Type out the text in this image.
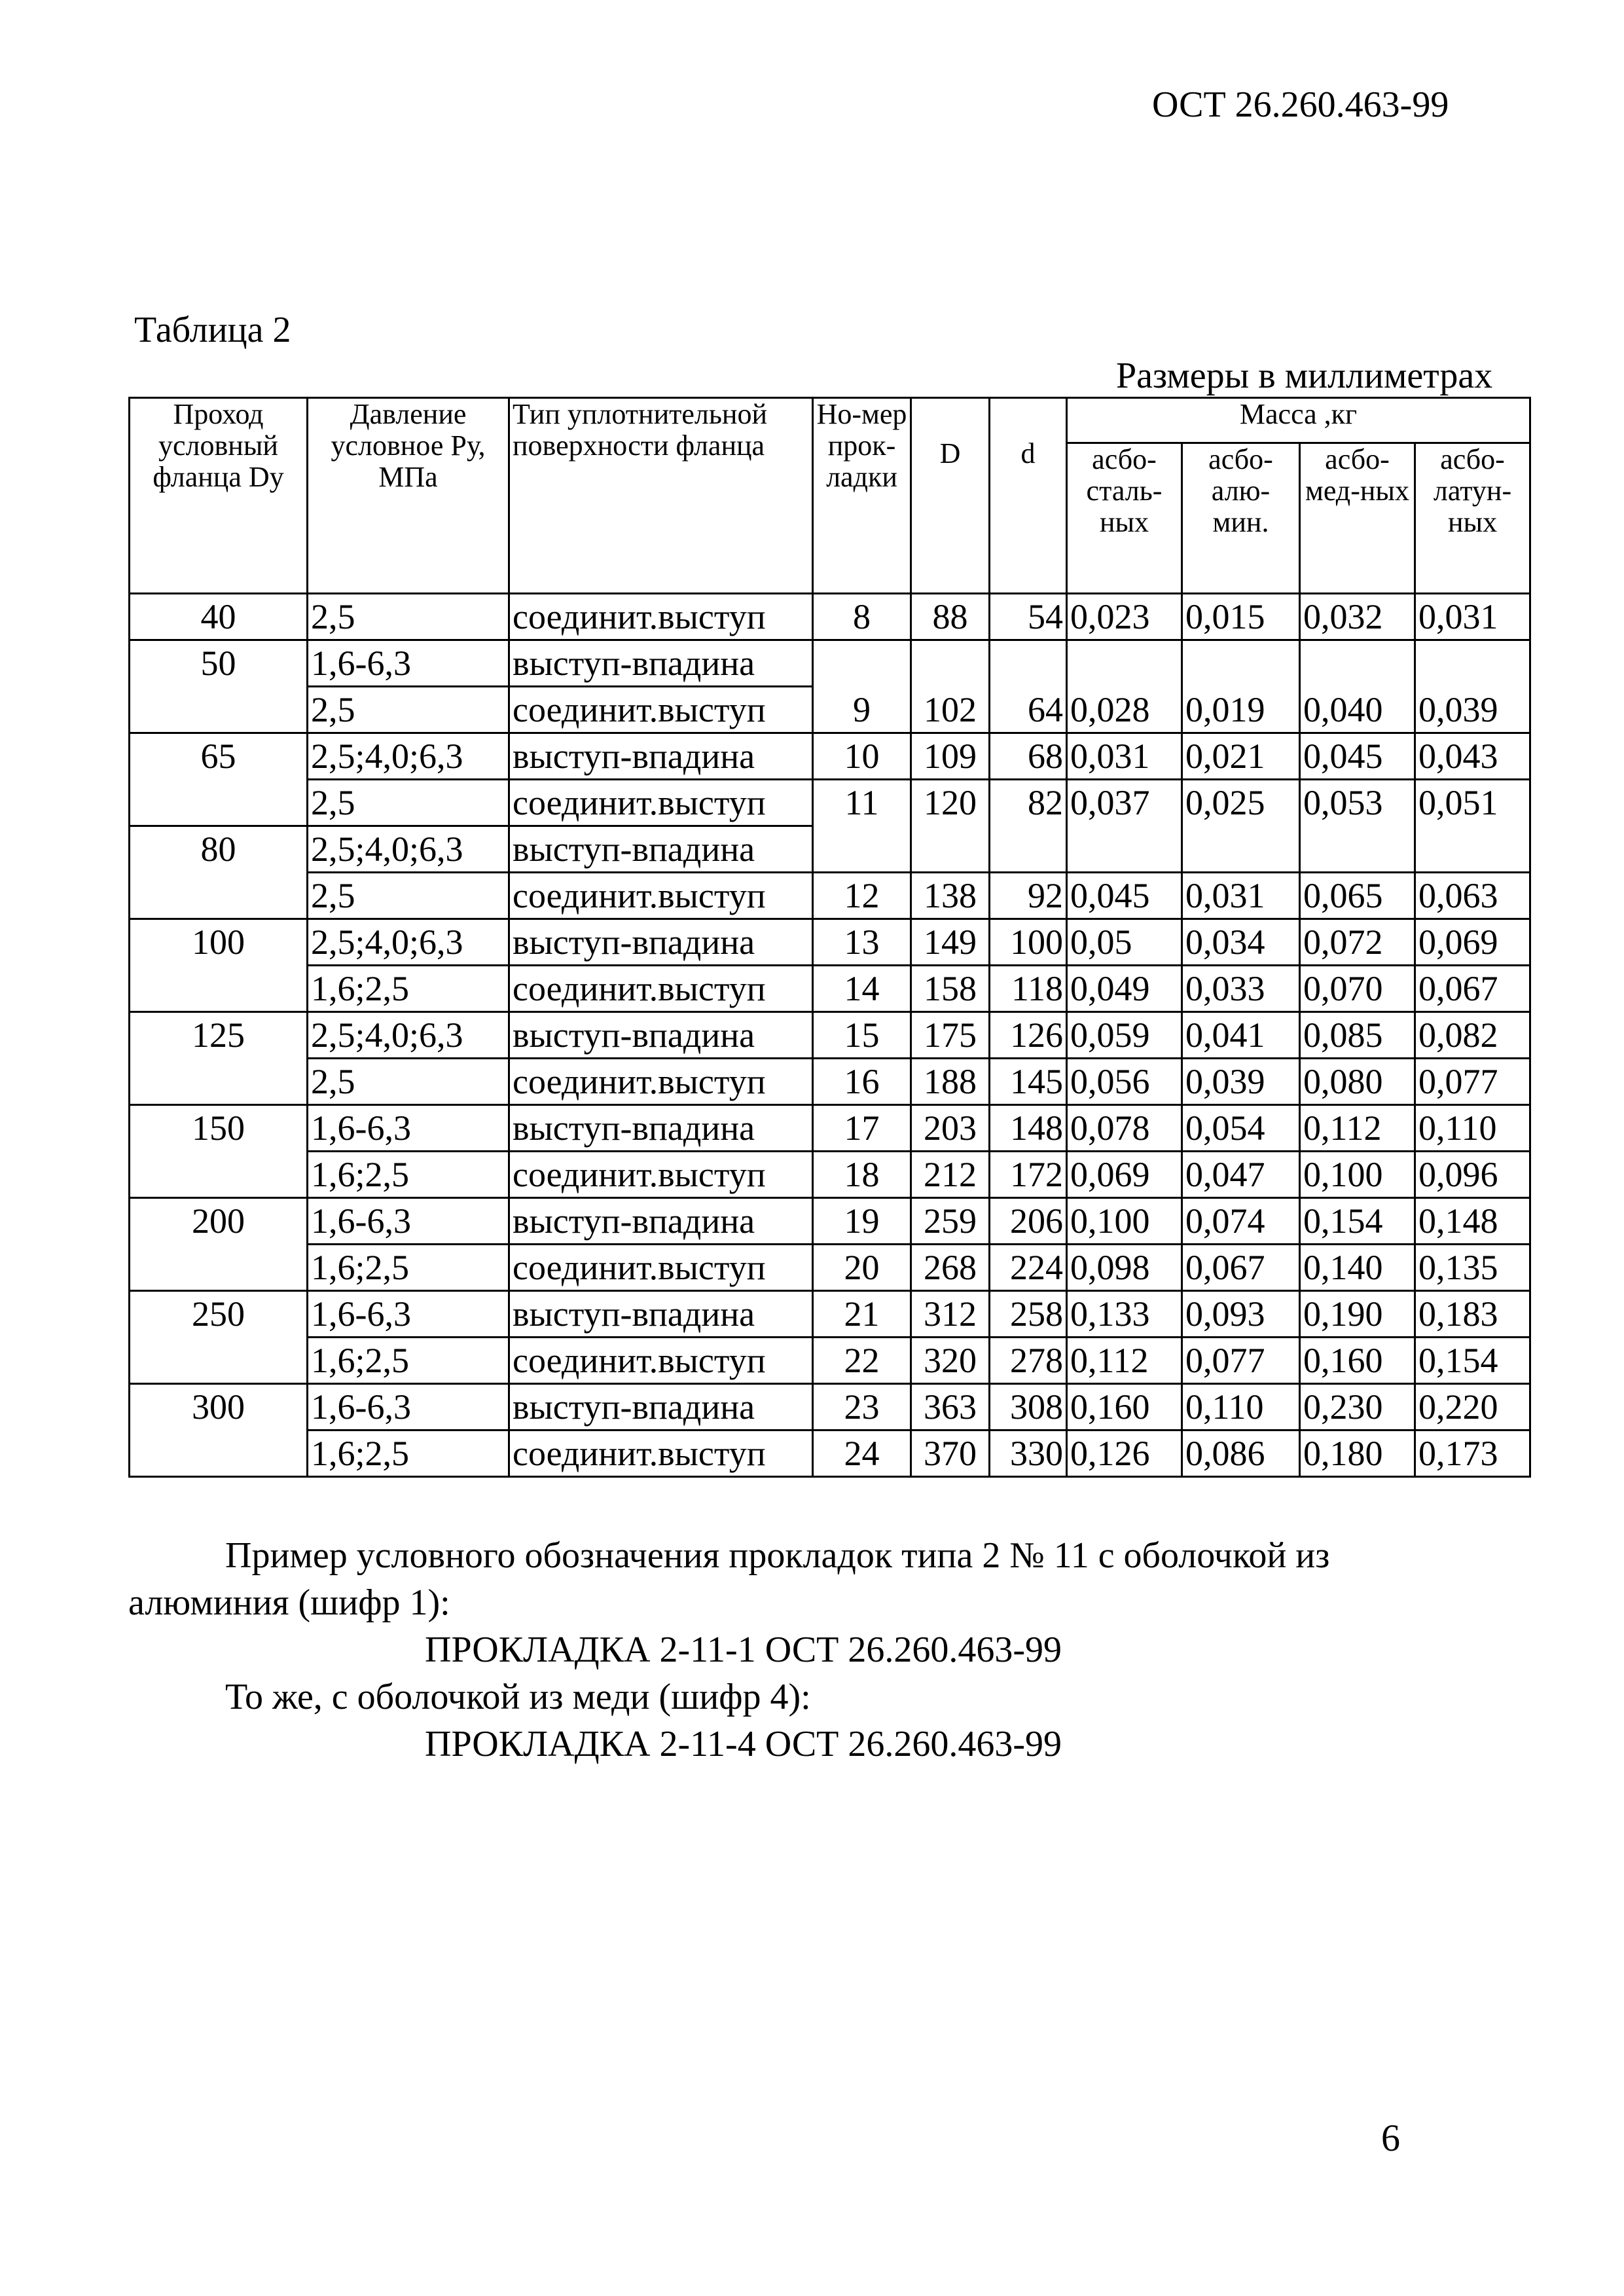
ОСТ 26.260.463-99
Таблица 2
Размеры в миллиметрах
Проход условный фланца Dy	Давление условное Ру, МПа	Тип уплотнительной поверхности фланца	Но-мер прок-ладки	D	d	Масса ,кг			
						асбо-сталь-ных	асбо-алю-мин.	асбо-мед-ных	асбо-латун-ных
40	2,5	соединит.выступ	8	88	54	0,023	0,015	0,032	0,031
50	1,6-6,3	выступ-впадина	9	102	64	0,028	0,019	0,040	0,039
	2,5	соединит.выступ							
65	2,5;4,0;6,3	выступ-впадина	10	109	68	0,031	0,021	0,045	0,043
	2,5	соединит.выступ	11	120	82	0,037	0,025	0,053	0,051
80	2,5;4,0;6,3	выступ-впадина							
	2,5	соединит.выступ	12	138	92	0,045	0,031	0,065	0,063
100	2,5;4,0;6,3	выступ-впадина	13	149	100	0,05	0,034	0,072	0,069
	1,6;2,5	соединит.выступ	14	158	118	0,049	0,033	0,070	0,067
125	2,5;4,0;6,3	выступ-впадина	15	175	126	0,059	0,041	0,085	0,082
	2,5	соединит.выступ	16	188	145	0,056	0,039	0,080	0,077
150	1,6-6,3	выступ-впадина	17	203	148	0,078	0,054	0,112	0,110
	1,6;2,5	соединит.выступ	18	212	172	0,069	0,047	0,100	0,096
200	1,6-6,3	выступ-впадина	19	259	206	0,100	0,074	0,154	0,148
	1,6;2,5	соединит.выступ	20	268	224	0,098	0,067	0,140	0,135
250	1,6-6,3	выступ-впадина	21	312	258	0,133	0,093	0,190	0,183
	1,6;2,5	соединит.выступ	22	320	278	0,112	0,077	0,160	0,154
300	1,6-6,3	выступ-впадина	23	363	308	0,160	0,110	0,230	0,220
	1,6;2,5	соединит.выступ	24	370	330	0,126	0,086	0,180	0,173
Пример условного обозначения прокладок типа 2 № 11 с оболочкой из
алюминия (шифр 1):
ПРОКЛАДКА 2-11-1 ОСТ 26.260.463-99
То же, с оболочкой из меди (шифр 4):
ПРОКЛАДКА 2-11-4 ОСТ 26.260.463-99
6
